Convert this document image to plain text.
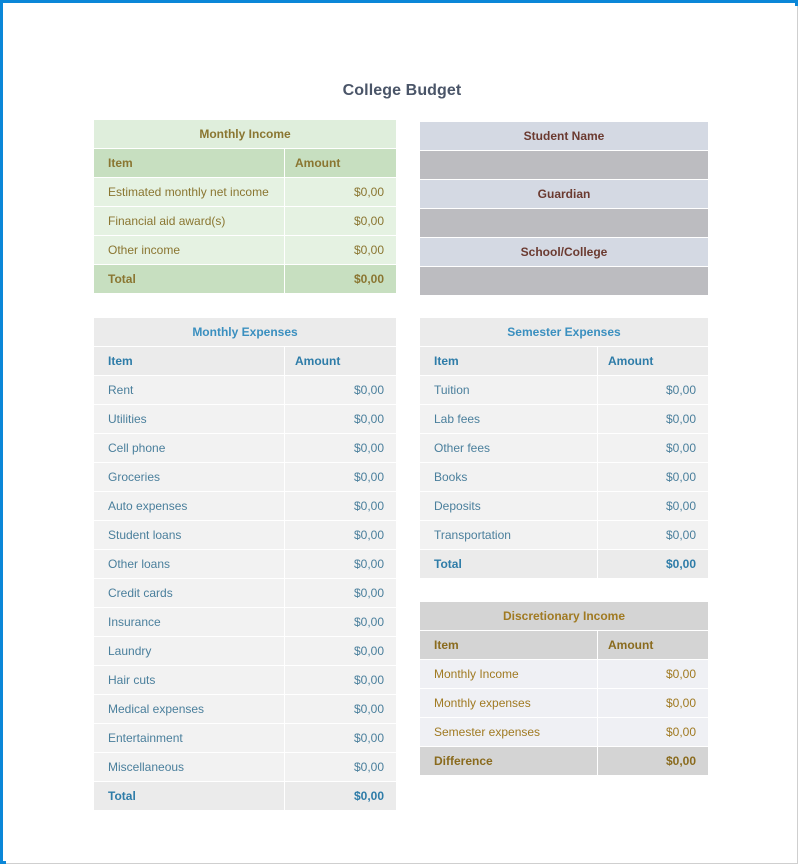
College Budget
Monthly Income
Item	Amount
Estimated monthly net income	$0,00
Financial aid award(s)	$0,00
Other income	$0,00
Total	$0,00
Student Name
Guardian
School/College
Monthly Expenses
Item	Amount
Rent	$0,00
Utilities	$0,00
Cell phone	$0,00
Groceries	$0,00
Auto expenses	$0,00
Student loans	$0,00
Other loans	$0,00
Credit cards	$0,00
Insurance	$0,00
Laundry	$0,00
Hair cuts	$0,00
Medical expenses	$0,00
Entertainment	$0,00
Miscellaneous	$0,00
Total	$0,00
Semester Expenses
Item	Amount
Tuition	$0,00
Lab fees	$0,00
Other fees	$0,00
Books	$0,00
Deposits	$0,00
Transportation	$0,00
Total	$0,00
Discretionary Income
Item	Amount
Monthly Income	$0,00
Monthly expenses	$0,00
Semester expenses	$0,00
Difference	$0,00
